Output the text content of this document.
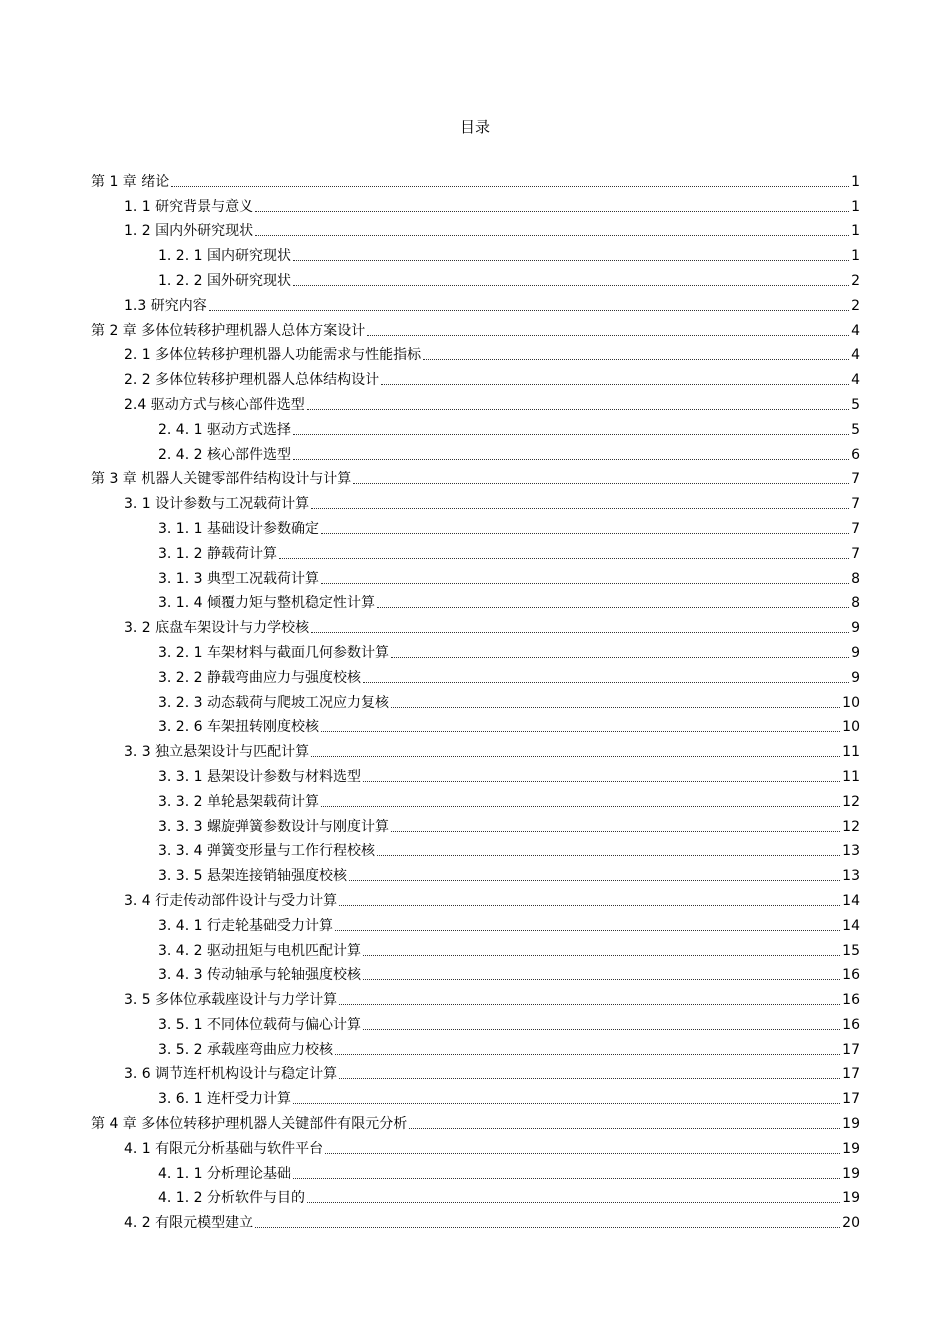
目录
第 1 章 绪论	1
1. 1 研究背景与意义	1
1. 2 国内外研究现状	1
1. 2. 1 国内研究现状	1
1. 2. 2 国外研究现状	2
1.3 研究内容	2
第 2 章 多体位转移护理机器人总体方案设计	4
2. 1 多体位转移护理机器人功能需求与性能指标	4
2. 2 多体位转移护理机器人总体结构设计	4
2.4 驱动方式与核心部件选型	5
2. 4. 1 驱动方式选择	5
2. 4. 2 核心部件选型	6
第 3 章 机器人关键零部件结构设计与计算	7
3. 1 设计参数与工况载荷计算	7
3. 1. 1 基础设计参数确定	7
3. 1. 2 静载荷计算	7
3. 1. 3 典型工况载荷计算	8
3. 1. 4 倾覆力矩与整机稳定性计算	8
3. 2 底盘车架设计与力学校核	9
3. 2. 1 车架材料与截面几何参数计算	9
3. 2. 2 静载弯曲应力与强度校核	9
3. 2. 3 动态载荷与爬坡工况应力复核	10
3. 2. 6 车架扭转刚度校核	10
3. 3 独立悬架设计与匹配计算	11
3. 3. 1 悬架设计参数与材料选型	11
3. 3. 2 单轮悬架载荷计算	12
3. 3. 3 螺旋弹簧参数设计与刚度计算	12
3. 3. 4 弹簧变形量与工作行程校核	13
3. 3. 5 悬架连接销轴强度校核	13
3. 4 行走传动部件设计与受力计算	14
3. 4. 1 行走轮基础受力计算	14
3. 4. 2 驱动扭矩与电机匹配计算	15
3. 4. 3 传动轴承与轮轴强度校核	16
3. 5 多体位承载座设计与力学计算	16
3. 5. 1 不同体位载荷与偏心计算	16
3. 5. 2 承载座弯曲应力校核	17
3. 6 调节连杆机构设计与稳定计算	17
3. 6. 1 连杆受力计算	17
第 4 章 多体位转移护理机器人关键部件有限元分析	19
4. 1 有限元分析基础与软件平台	19
4. 1. 1 分析理论基础	19
4. 1. 2 分析软件与目的	19
4. 2 有限元模型建立	20
